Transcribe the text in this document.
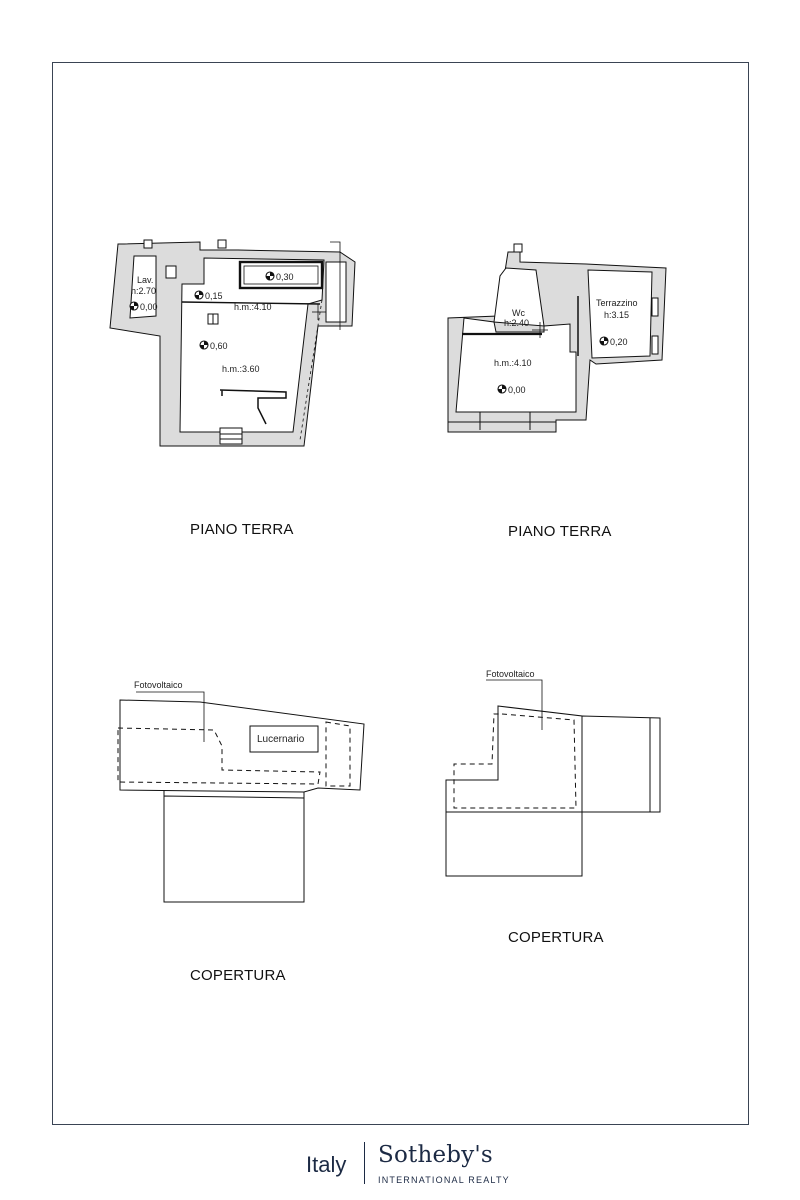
Lav.
h:2.70
0,00
0,30
0,15
h.m.:4.10
0,60
h.m.:3.60
Wc
h:2.40
Terrazzino
h:3.15
0,20
h.m.:4.10
0,00
Fotovoltaico
Lucernario
Fotovoltaico
PIANO TERRA	PIANO TERRA
COPERTURA
COPERTURA
Italy Sotheby's
INTERNATIONAL REALTY
